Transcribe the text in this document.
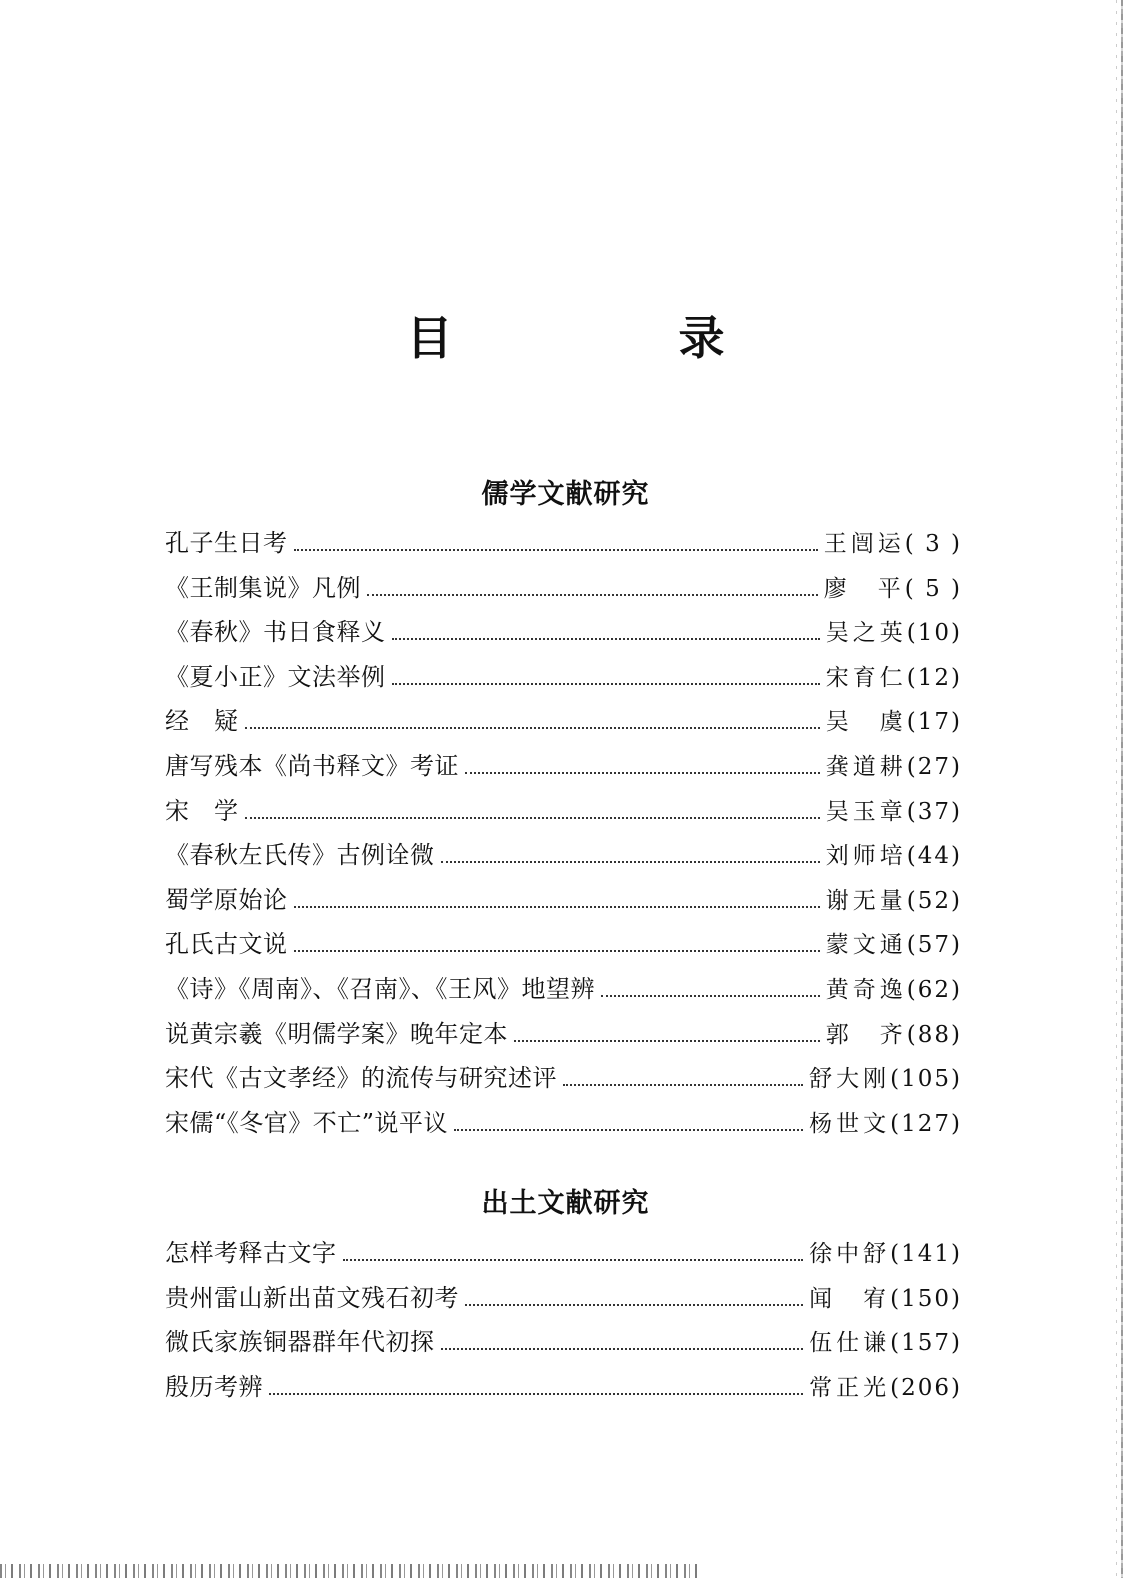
目　录
儒学文献研究
孔子生日考	王闿运 ( 3 )
《王制集说》凡例	廖　平 ( 5 )
《春秋》书日食释义	吴之英 (10)
《夏小正》文法举例	宋育仁 (12)
经　疑	吴　虞 (17)
唐写残本《尚书释文》考证	龚道耕 (27)
宋　学	吴玉章 (37)
《春秋左氏传》古例诠微	刘师培 (44)
蜀学原始论	谢无量 (52)
孔氏古文说	蒙文通 (57)
《诗》《周南》、《召南》、《王风》地望辨	黄奇逸 (62)
说黄宗羲《明儒学案》晚年定本	郭　齐 (88)
宋代《古文孝经》的流传与研究述评	舒大刚 (105)
宋儒“《冬官》不亡”说平议	杨世文 (127)
出土文献研究
怎样考释古文字	徐中舒 (141)
贵州雷山新出苗文残石初考	闻　宥 (150)
微氏家族铜器群年代初探	伍仕谦 (157)
殷历考辨	常正光 (206)
